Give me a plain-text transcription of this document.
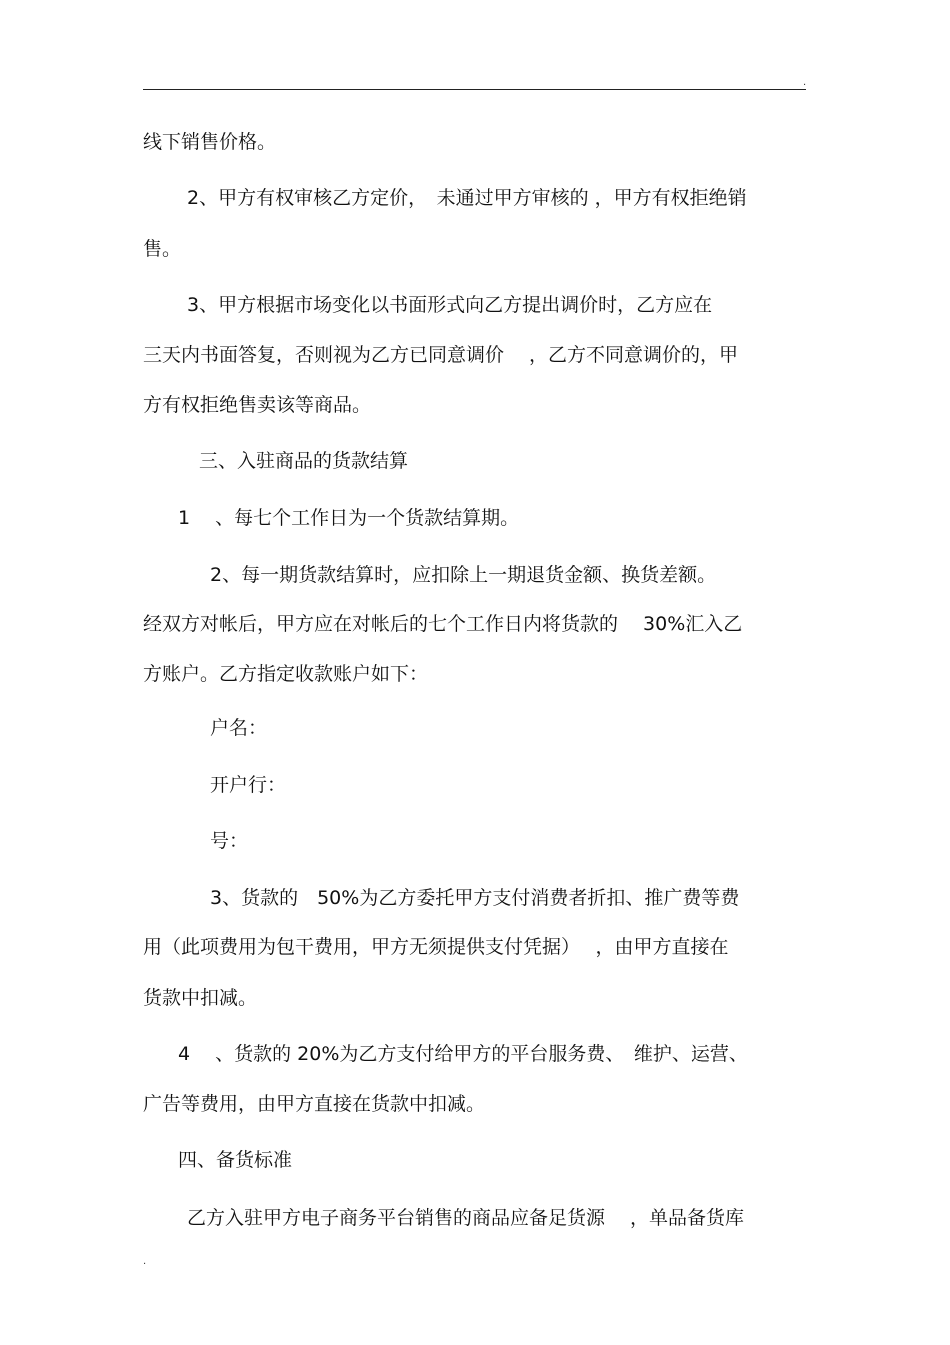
.
线下销售价格。
2、甲方有权审核乙方定价，　未通过甲方审核的 ，甲方有权拒绝销
售。
3、甲方根据市场变化以书面形式向乙方提出调价时，乙方应在
三天内书面答复，否则视为乙方已同意调价　 ，乙方不同意调价的，甲
方有权拒绝售卖该等商品。
三、入驻商品的货款结算
1　 、每七个工作日为一个货款结算期。
2、每一期货款结算时，应扣除上一期退货金额、换货差额。
经双方对帐后，甲方应在对帐后的七个工作日内将货款的　 30%汇入乙
方账户。乙方指定收款账户如下：
户名：
开户行：
号：
3、货款的　50%为乙方委托甲方支付消费者折扣、推广费等费
用（此项费用为包干费用，甲方无须提供支付凭据）　 ，由甲方直接在
货款中扣减。
4　 、货款的 20%为乙方支付给甲方的平台服务费、　维护、运营、
广告等费用，由甲方直接在货款中扣减。
四、备货标准
乙方入驻甲方电子商务平台销售的商品应备足货源　 ，单品备货库
.
